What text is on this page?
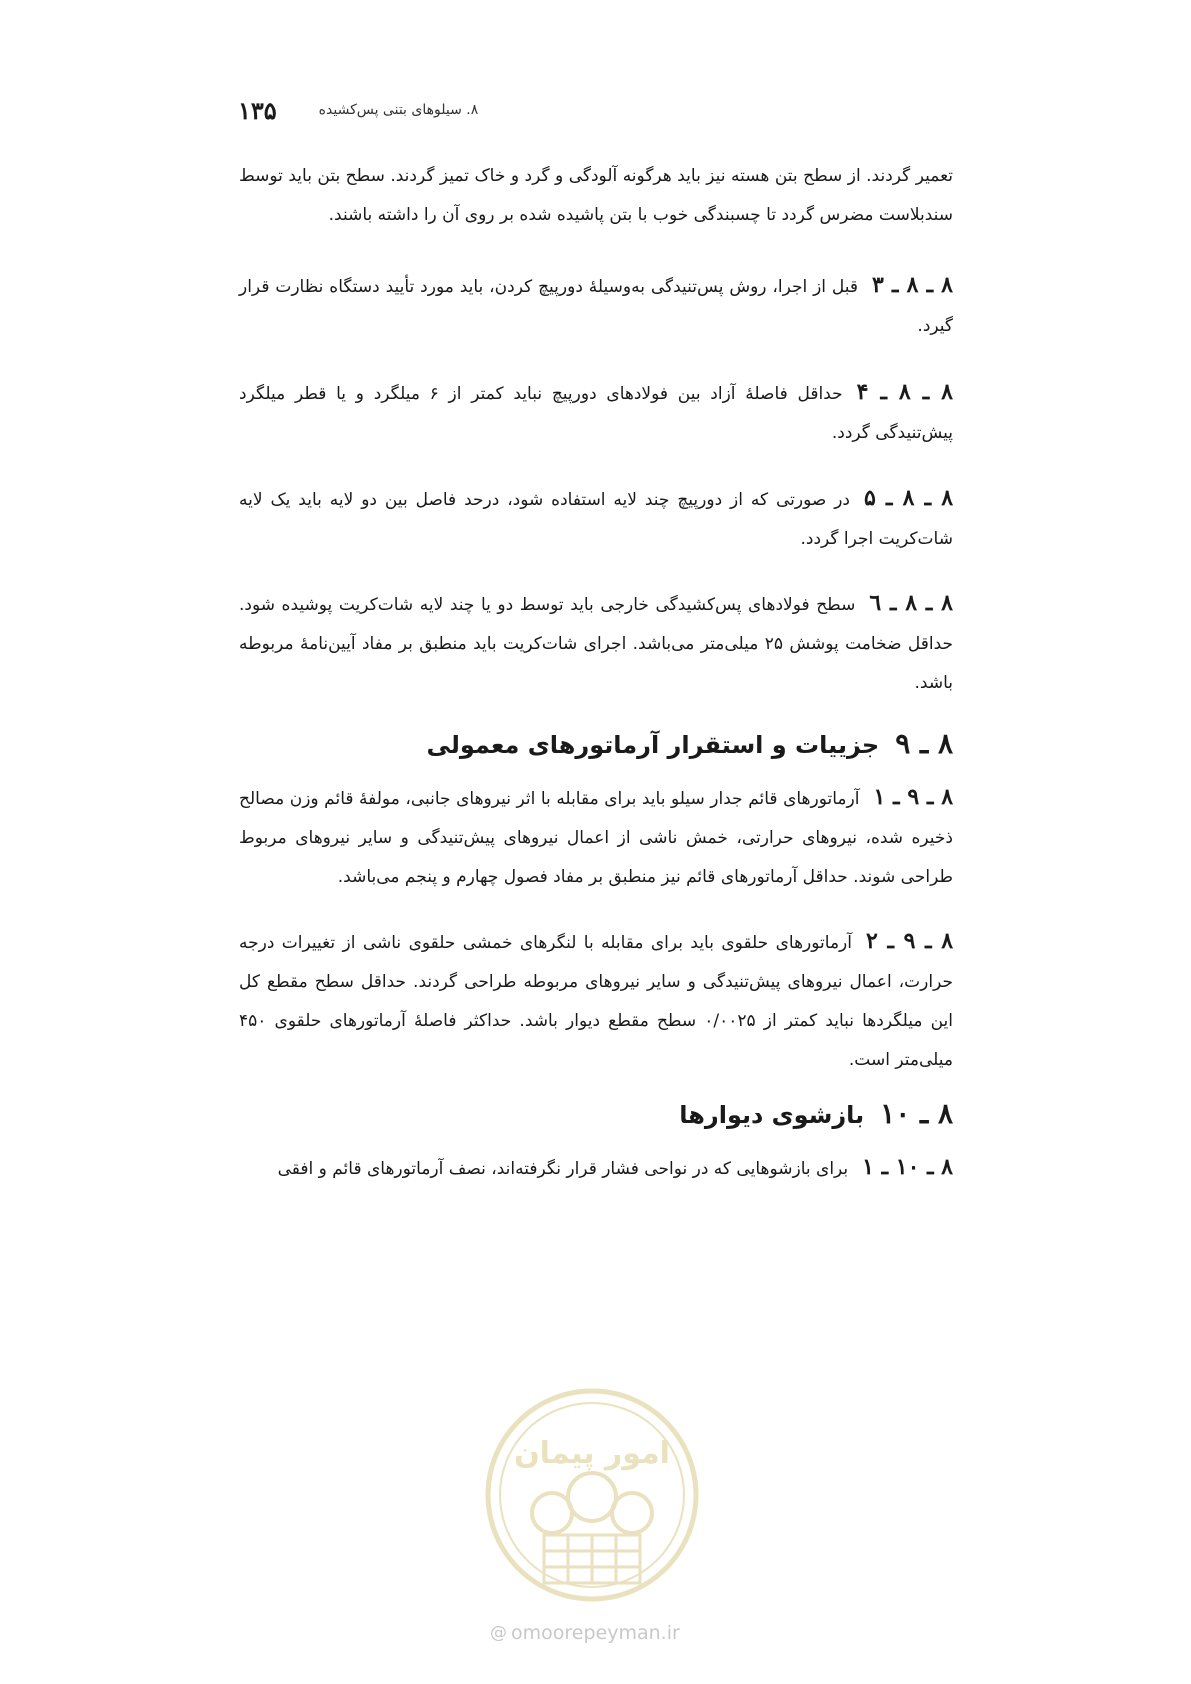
۱۳۵	۸. سیلوهای بتنی پس‌کشیده
تعمیر گردند. از سطح بتن هسته نیز باید هرگونه آلودگی و گرد و خاک تمیز گردند. سطح بتن باید توسط سندبلاست مضرس گردد تا چسبندگی خوب با بتن پاشیده شده بر روی آن را داشته باشند.
۸ ـ ۸ ـ ۳قبل از اجرا، روش پس‌تنیدگی به‌وسیلهٔ دورپیچ کردن، باید مورد تأیید دستگاه نظارت قرار گیرد.
۸ ـ ۸ ـ ۴حداقل فاصلهٔ آزاد بین فولادهای دورپیچ نباید کمتر از ۶ میلگرد و یا قطر میلگرد پیش‌تنیدگی گردد.
۸ ـ ۸ ـ ۵در صورتی که از دورپیچ چند لایه استفاده شود، درحد فاصل بین دو لایه باید یک لایه شات‌کریت اجرا گردد.
۸ ـ ۸ ـ ٦سطح فولادهای پس‌کشیدگی خارجی باید توسط دو یا چند لایه شات‌کریت پوشیده شود. حداقل ضخامت پوشش ۲۵ میلی‌متر می‌باشد. اجرای شات‌کریت باید منطبق بر مفاد آیین‌نامهٔ مربوطه باشد.
۸ ـ ۹جزییات و استقرار آرماتورهای معمولی
۸ ـ ۹ ـ ۱آرماتورهای قائم جدار سیلو باید برای مقابله با اثر نیروهای جانبی، مولفهٔ قائم وزن مصالح ذخیره شده، نیروهای حرارتی، خمش ناشی از اعمال نیروهای پیش‌تنیدگی و سایر نیروهای مربوط طراحی شوند. حداقل آرماتورهای قائم نیز منطبق بر مفاد فصول چهارم و پنجم می‌باشد.
۸ ـ ۹ ـ ۲آرماتورهای حلقوی باید برای مقابله با لنگرهای خمشی حلقوی ناشی از تغییرات درجه حرارت، اعمال نیروهای پیش‌تنیدگی و سایر نیروهای مربوطه طراحی گردند. حداقل سطح مقطع کل این میلگردها نباید کمتر از ۰/۰۰۲۵ سطح مقطع دیوار باشد. حداکثر فاصلهٔ آرماتورهای حلقوی ۴۵۰ میلی‌متر است.
۸ ـ ۱۰بازشوی دیوارها
۸ ـ ۱۰ ـ ۱برای بازشوهایی که در نواحی فشار قرار نگرفته‌اند، نصف آرماتورهای قائم و افقی
امور پیمان
@ omoorepeyman.ir
